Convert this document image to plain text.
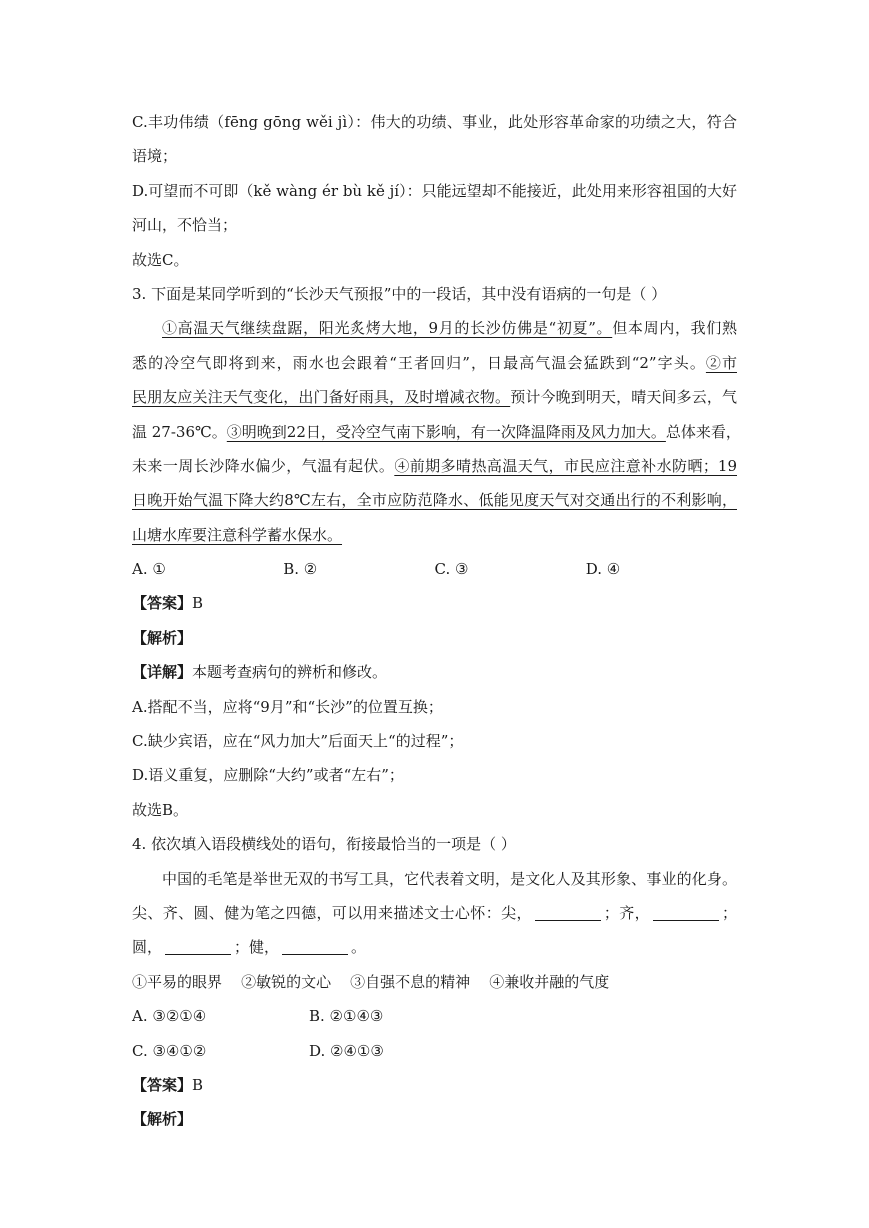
C.丰功伟绩（fēng gōng wěi jì）：伟大的功绩、事业，此处形容革命家的功绩之大，符合
语境；
D.可望而不可即（kě wàng ér bù kě jí）：只能远望却不能接近，此处用来形容祖国的大好
河山，不恰当；
故选C。
3. 下面是某同学听到的“长沙天气预报”中的一段话，其中没有语病的一句是（ ）
①高温天气继续盘踞，阳光炙烤大地，9月的长沙仿佛是“初夏”。但本周内，我们熟
悉的冷空气即将到来，雨水也会跟着“王者回归”，日最高气温会猛跌到“2”字头。②市
民朋友应关注天气变化，出门备好雨具，及时增减衣物。预计今晚到明天，晴天间多云，气
温 27-36℃。③明晚到22日，受冷空气南下影响，有一次降温降雨及风力加大。总体来看，
未来一周长沙降水偏少，气温有起伏。④前期多晴热高温天气，市民应注意补水防晒；19
日晚开始气温下降大约8℃左右，全市应防范降水、低能见度天气对交通出行的不利影响，
山塘水库要注意科学蓄水保水。
A. ①	B. ②	C. ③	D. ④
【答案】B
【解析】
【详解】本题考查病句的辨析和修改。
A.搭配不当，应将“9月”和“长沙”的位置互换；
C.缺少宾语，应在“风力加大”后面天上“的过程”；
D.语义重复，应删除“大约”或者“左右”；
故选B。
4. 依次填入语段横线处的语句，衔接最恰当的一项是（ ）
中国的毛笔是举世无双的书写工具，它代表着文明，是文化人及其形象、事业的化身。
尖、齐、圆、健为笔之四德，可以用来描述文士心怀：尖，	；齐，	；
圆，	；健，	。
①平易的眼界    ②敏锐的文心    ③自强不息的精神    ④兼收并融的气度
A. ③②①④	B. ②①④③
C. ③④①②	D. ②④①③
【答案】B
【解析】
